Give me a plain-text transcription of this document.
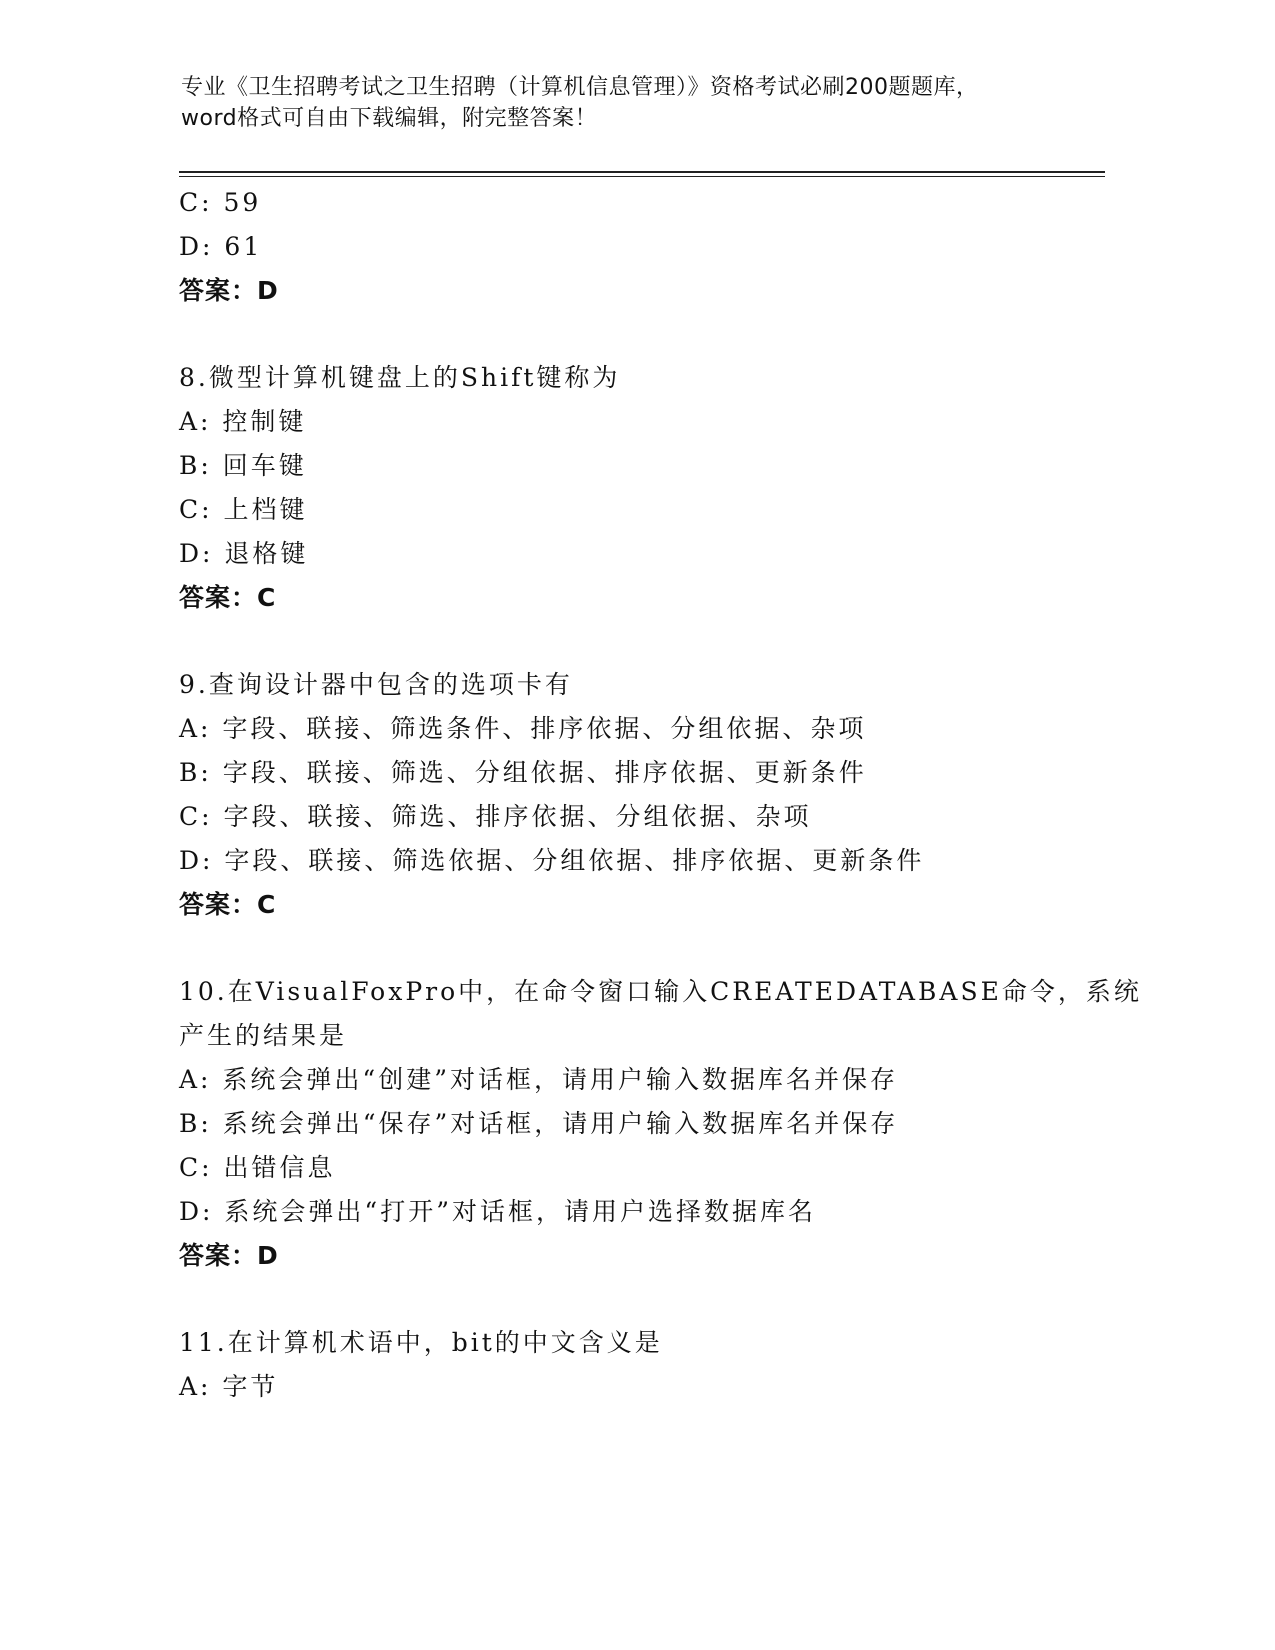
专业《卫生招聘考试之卫生招聘（计算机信息管理）》资格考试必刷200题题库，
word格式可自由下载编辑，附完整答案！
C: 59
D: 61
答案：D
8.微型计算机键盘上的Shift键称为
A: 控制键
B: 回车键
C: 上档键
D: 退格键
答案：C
9.查询设计器中包含的选项卡有
A: 字段、联接、筛选条件、排序依据、分组依据、杂项
B: 字段、联接、筛选、分组依据、排序依据、更新条件
C: 字段、联接、筛选、排序依据、分组依据、杂项
D: 字段、联接、筛选依据、分组依据、排序依据、更新条件
答案：C
10.在VisualFoxPro中，在命令窗口输入CREATEDATABASE命令，系统
产生的结果是
A: 系统会弹出“创建”对话框，请用户输入数据库名并保存
B: 系统会弹出“保存”对话框，请用户输入数据库名并保存
C: 出错信息
D: 系统会弹出“打开”对话框，请用户选择数据库名
答案：D
11.在计算机术语中，bit的中文含义是
A: 字节
